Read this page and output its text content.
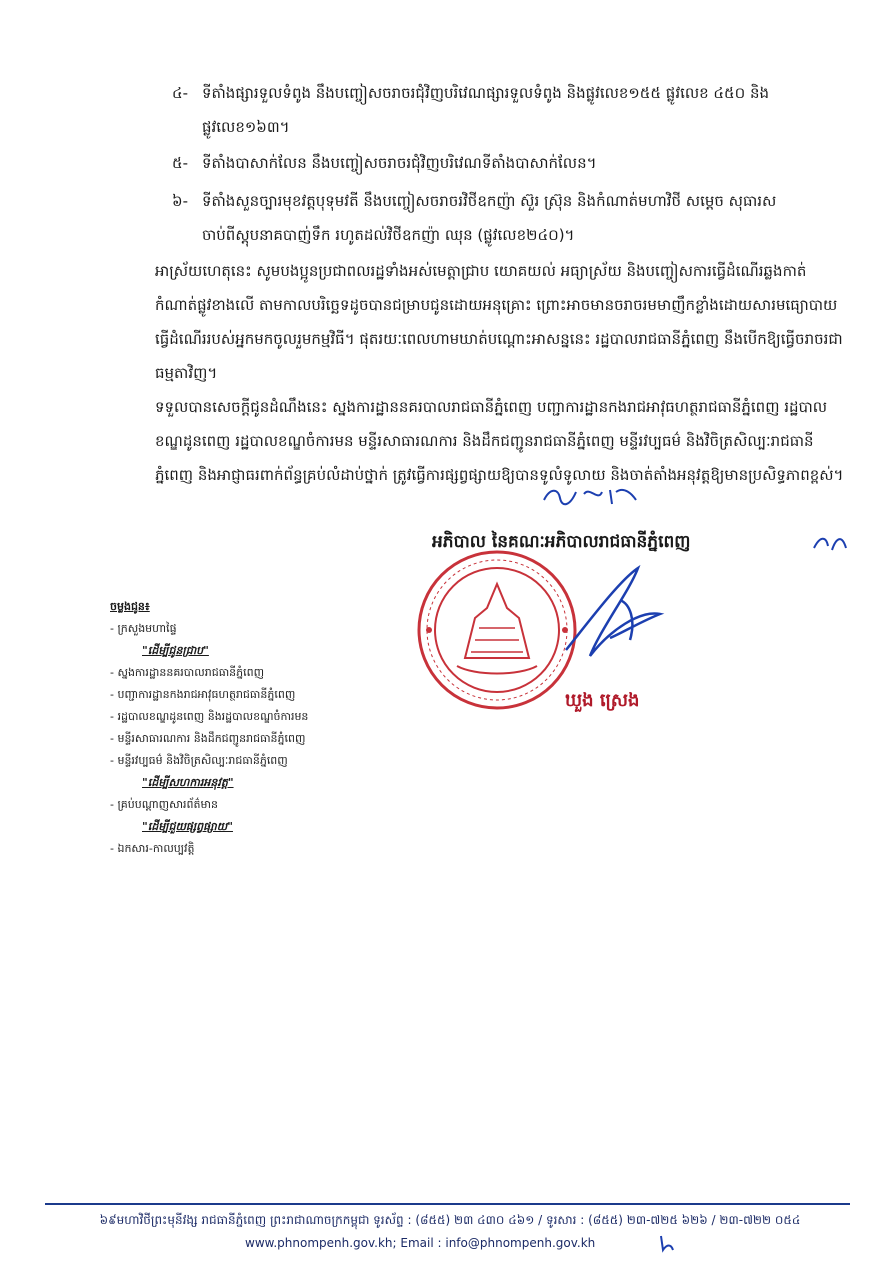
៤- ទីតាំងផ្សារទួលទំពូង នឹងបញ្ចៀសចរាចរជុំវិញបរិវេណផ្សារទួលទំពូង និងផ្លូវលេខ១៥៥ ផ្លូវលេខ ៤៥០ និងផ្លូវលេខ១៦៣។
៥- ទីតាំងបាសាក់លែន នឹងបញ្ចៀសចរាចរជុំវិញបរិវេណទីតាំងបាសាក់លែន។
៦- ទីតាំងសួនច្បារមុខវត្តបុទុមវតី នឹងបញ្ចៀសចរាចរវិថីឧកញ៉ា ស៊ួរ ស្រ៊ុន និងកំណាត់មហាវិថី សម្តេច សុធារស ចាប់ពីស្តុបនាគបាញ់ទឹក រហូតដល់វិថីឧកញ៉ា ឈុន (ផ្លូវលេខ២៤០)។
អាស្រ័យហេតុនេះ សូមបងប្អូនប្រជាពលរដ្ឋទាំងអស់មេត្តាជ្រាប យោគយល់ អធ្យាស្រ័យ និងបញ្ចៀសការធ្វើដំណើរឆ្លងកាត់កំណាត់ផ្លូវខាងលើ តាមកាលបរិច្ឆេទដូចបានជម្រាបជូនដោយអនុគ្រោះ ព្រោះអាចមានចរាចរមមាញឹកខ្លាំងដោយសារមធ្យោបាយធ្វើដំណើររបស់អ្នកមកចូលរួមកម្មវិធី។ ផុតរយៈពេលហាមឃាត់បណ្តោះអាសន្ននេះ រដ្ឋបាលរាជធានីភ្នំពេញ នឹងបើកឱ្យធ្វើចរាចរជាធម្មតាវិញ។
ទទួលបានសេចក្តីជូនដំណឹងនេះ ស្នងការដ្ឋាននគរបាលរាជធានីភ្នំពេញ បញ្ជាការដ្ឋានកងរាជអាវុធហត្ថរាជធានីភ្នំពេញ រដ្ឋបាលខណ្ឌដូនពេញ រដ្ឋបាលខណ្ឌចំការមន មន្ទីរសាធារណការ និងដឹកជញ្ជូនរាជធានីភ្នំពេញ មន្ទីរវប្បធម៌ និងវិចិត្រសិល្បៈរាជធានីភ្នំពេញ និងអាជ្ញាធរពាក់ព័ន្ធគ្រប់លំដាប់ថ្នាក់ ត្រូវធ្វើការផ្សព្វផ្សាយឱ្យបានទូលំទូលាយ និងចាត់តាំងអនុវត្តឱ្យមានប្រសិទ្ធភាពខ្ពស់។
អភិបាល នៃគណៈអភិបាលរាជធានីភ្នំពេញ
ឃួង ស្រេង
ចម្លងជូន៖
- ក្រសួងមហាផ្ទៃ
"ដើម្បីជូនជ្រាប"
- ស្នងការដ្ឋាននគរបាលរាជធានីភ្នំពេញ
- បញ្ជាការដ្ឋានកងរាជអាវុធហត្ថរាជធានីភ្នំពេញ
- រដ្ឋបាលខណ្ឌដូនពេញ និងរដ្ឋបាលខណ្ឌចំការមន
- មន្ទីរសាធារណការ និងដឹកជញ្ជូនរាជធានីភ្នំពេញ
- មន្ទីរវប្បធម៌ និងវិចិត្រសិល្បៈរាជធានីភ្នំពេញ
"ដើម្បីសហការអនុវត្ត"
- គ្រប់បណ្តាញសារព័ត៌មាន
"ដើម្បីជួយផ្សព្វផ្សាយ"
- ឯកសារ-កាលប្បវត្តិ
៦៩មហាវិថីព្រះមុនីវង្ស រាជធានីភ្នំពេញ ព្រះរាជាណាចក្រកម្ពុជា ទូរស័ព្ទ : (៨៥៥) ២៣ ៤៣០ ៤៦១ / ទូរសារ : (៨៥៥) ២៣-៧២៥ ៦២៦ / ២៣-៧២២ ០៥៤
www.phnompenh.gov.kh; Email : info@phnompenh.gov.kh
